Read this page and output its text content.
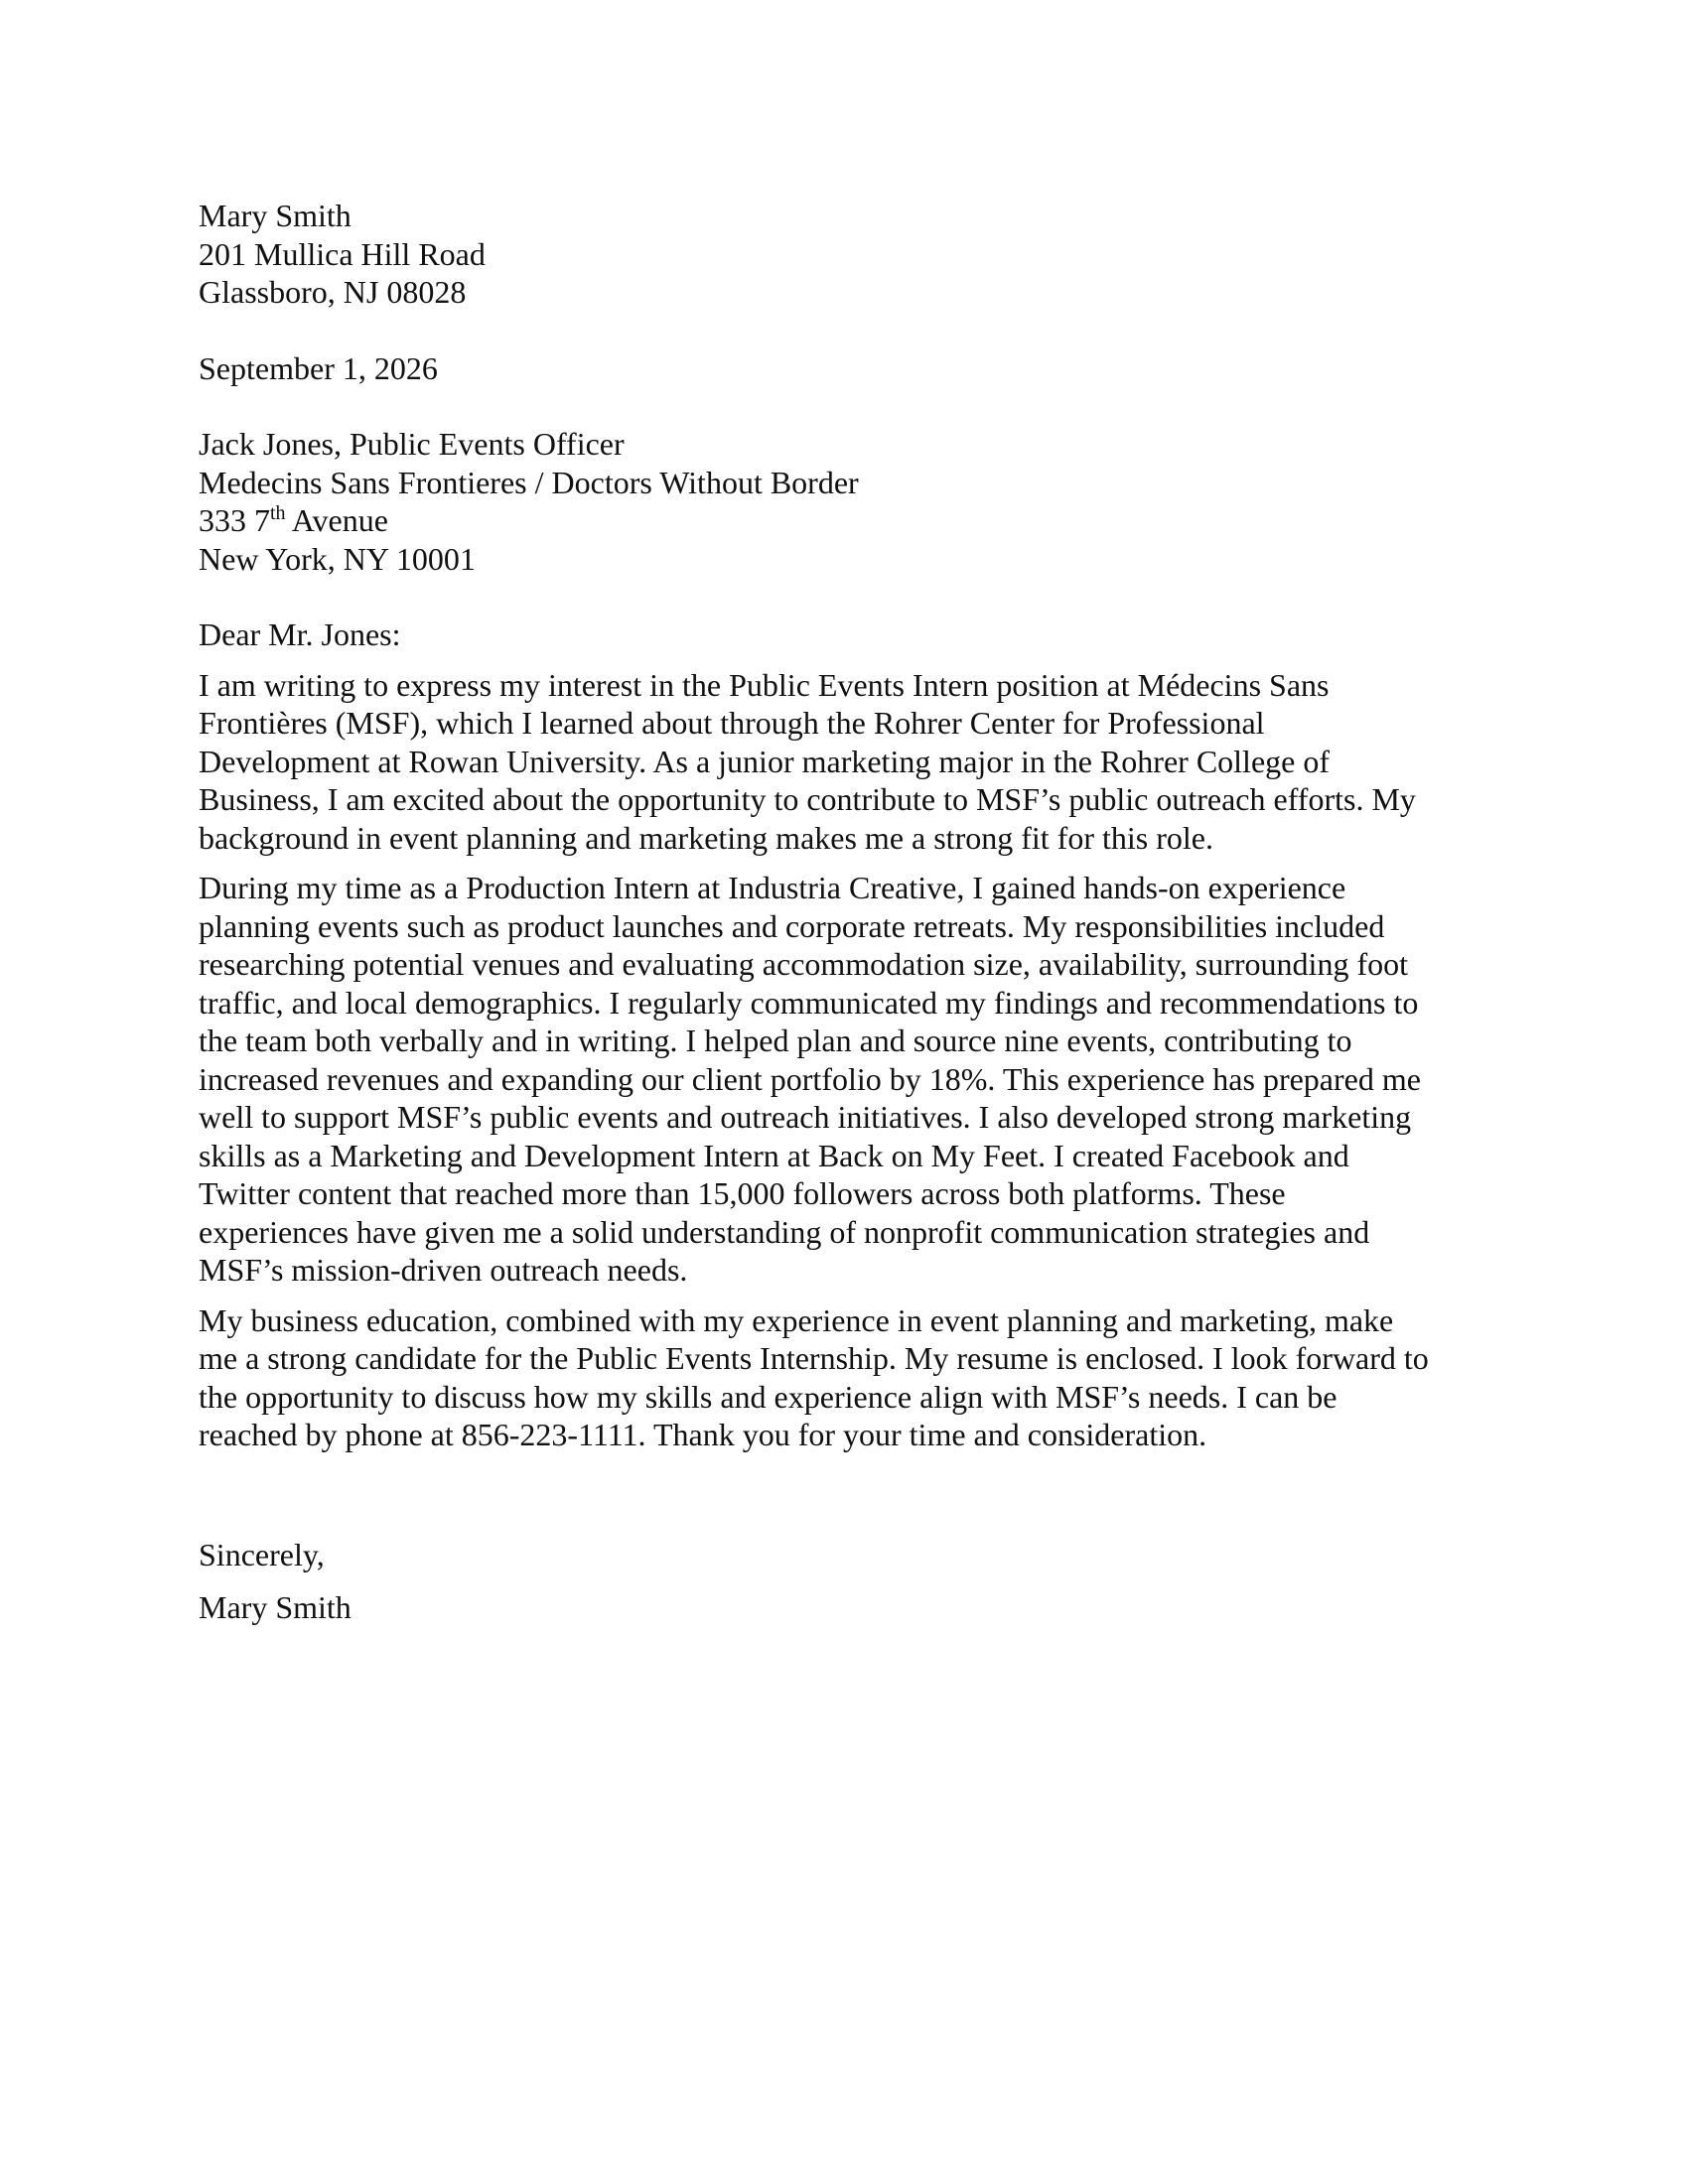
Mary Smith
201 Mullica Hill Road
Glassboro, NJ 08028
September 1, 2026
Jack Jones, Public Events Officer
Medecins Sans Frontieres / Doctors Without Border
333 7th Avenue
New York, NY 10001

Dear Mr. Jones:

I am writing to express my interest in the Public Events Intern position at Médecins Sans
Frontières (MSF), which I learned about through the Rohrer Center for Professional
Development at Rowan University. As a junior marketing major in the Rohrer College of
Business, I am excited about the opportunity to contribute to MSF’s public outreach efforts. My
background in event planning and marketing makes me a strong fit for this role.

During my time as a Production Intern at Industria Creative, I gained hands-on experience
planning events such as product launches and corporate retreats. My responsibilities included
researching potential venues and evaluating accommodation size, availability, surrounding foot
traffic, and local demographics. I regularly communicated my findings and recommendations to
the team both verbally and in writing. I helped plan and source nine events, contributing to
increased revenues and expanding our client portfolio by 18%. This experience has prepared me
well to support MSF’s public events and outreach initiatives. I also developed strong marketing
skills as a Marketing and Development Intern at Back on My Feet. I created Facebook and
Twitter content that reached more than 15,000 followers across both platforms. These
experiences have given me a solid understanding of nonprofit communication strategies and
MSF’s mission-driven outreach needs.

My business education, combined with my experience in event planning and marketing, make
me a strong candidate for the Public Events Internship. My resume is enclosed. I look forward to
the opportunity to discuss how my skills and experience align with MSF’s needs. I can be
reached by phone at 856-223-1111. Thank you for your time and consideration.

Sincerely,
Mary Smith
